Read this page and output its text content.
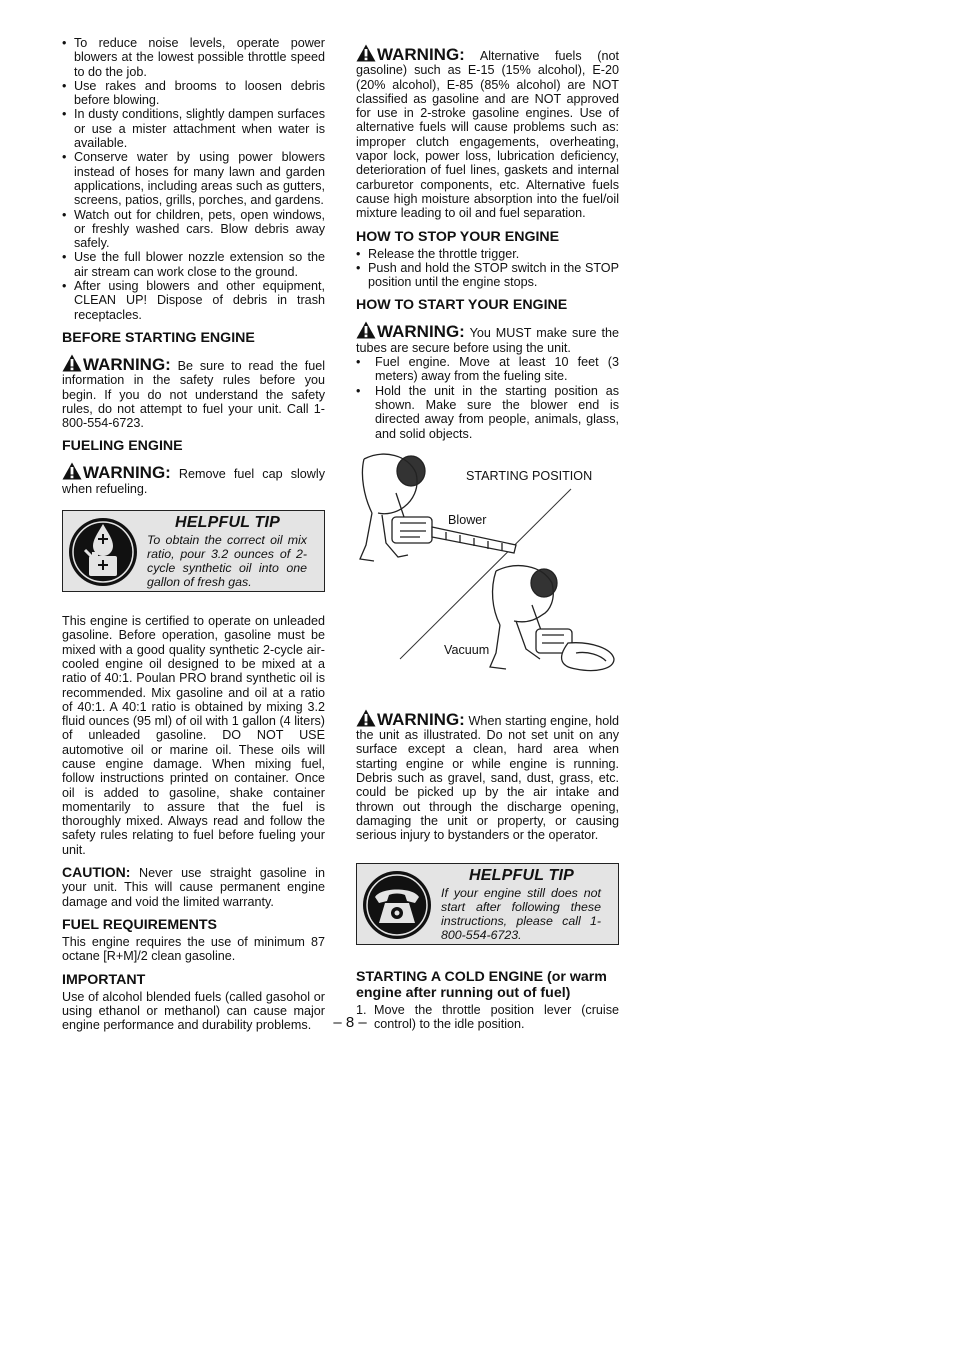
• To reduce noise levels, operate power blowers at the lowest possible throttle speed to do the job.
• Use rakes and brooms to loosen debris before blowing.
• In dusty conditions, slightly dampen surfaces or use a mister attachment when water is available.
• Conserve water by using power blowers instead of hoses for many lawn and garden applications, including areas such as gutters, screens, patios, grills, porches, and gardens.
• Watch out for children, pets, open windows, or freshly washed cars. Blow debris away safely.
• Use the full blower nozzle extension so the air stream can work close to the ground.
• After using blowers and other equipment, CLEAN UP! Dispose of debris in trash receptacles.
BEFORE STARTING ENGINE

WARNING: Be sure to read the fuel information in the safety rules before you begin. If you do not understand the safety rules, do not attempt to fuel your unit. Call 1-800-554-6723.

FUELING ENGINE

WARNING: Remove fuel cap slowly when refueling.

HELPFUL TIP
To obtain the correct oil mix ratio, pour 3.2 ounces of 2-cycle synthetic oil into one gallon of fresh gas.

This engine is certified to operate on unleaded gasoline. Before operation, gasoline must be mixed with a good quality synthetic 2-cycle air-cooled engine oil designed to be mixed at a ratio of 40:1. Poulan PRO brand synthetic oil is recommended. Mix gasoline and oil at a ratio of 40:1. A 40:1 ratio is obtained by mixing 3.2 fluid ounces (95 ml) of oil with 1 gallon (4 liters) of unleaded gasoline. DO NOT USE automotive oil or marine oil. These oils will cause engine damage. When mixing fuel, follow instructions printed on container. Once oil is added to gasoline, shake container momentarily to assure that the fuel is thoroughly mixed. Always read and follow the safety rules relating to fuel before fueling your unit.

CAUTION: Never use straight gasoline in your unit. This will cause permanent engine damage and void the limited warranty.

FUEL REQUIREMENTS

This engine requires the use of minimum 87 octane [R+M]/2 clean gasoline.

IMPORTANT

Use of alcohol blended fuels (called gasohol or using ethanol or methanol) can cause major engine performance and durability problems.

WARNING: Alternative fuels (not gasoline) such as E-15 (15% alcohol), E-20 (20% alcohol), E-85 (85% alcohol) are NOT classified as gasoline and are NOT approved for use in 2-stroke gasoline engines. Use of alternative fuels will cause problems such as: improper clutch engagements, overheating, vapor lock, power loss, lubrication deficiency, deterioration of fuel lines, gaskets and internal carburetor components, etc. Alternative fuels cause high moisture absorption into the fuel/oil mixture leading to oil and fuel separation.

HOW TO STOP YOUR ENGINE
• Release the throttle trigger.
• Push and hold the STOP switch in the STOP position until the engine stops.
HOW TO START YOUR ENGINE

WARNING: You MUST make sure the tubes are secure before using the unit.

• Fuel engine. Move at least 10 feet (3 meters) away from the fueling site.
• Hold the unit in the starting position as shown. Make sure the blower end is directed away from people, animals, glass, and solid objects.
STARTING POSITION
Blower
Vacuum

WARNING: When starting engine, hold the unit as illustrated. Do not set unit on any surface except a clean, hard area when starting engine or while engine is running. Debris such as gravel, sand, dust, grass, etc. could be picked up by the air intake and thrown out through the discharge opening, damaging the unit or property, or causing serious injury to bystanders or the operator.

HELPFUL TIP
If your engine still does not start after following these instructions, please call 1-800-554-6723.
STARTING A COLD ENGINE (or warm engine after running out of fuel)
1. Move the throttle position lever (cruise control) to the idle position.
– 8 –
